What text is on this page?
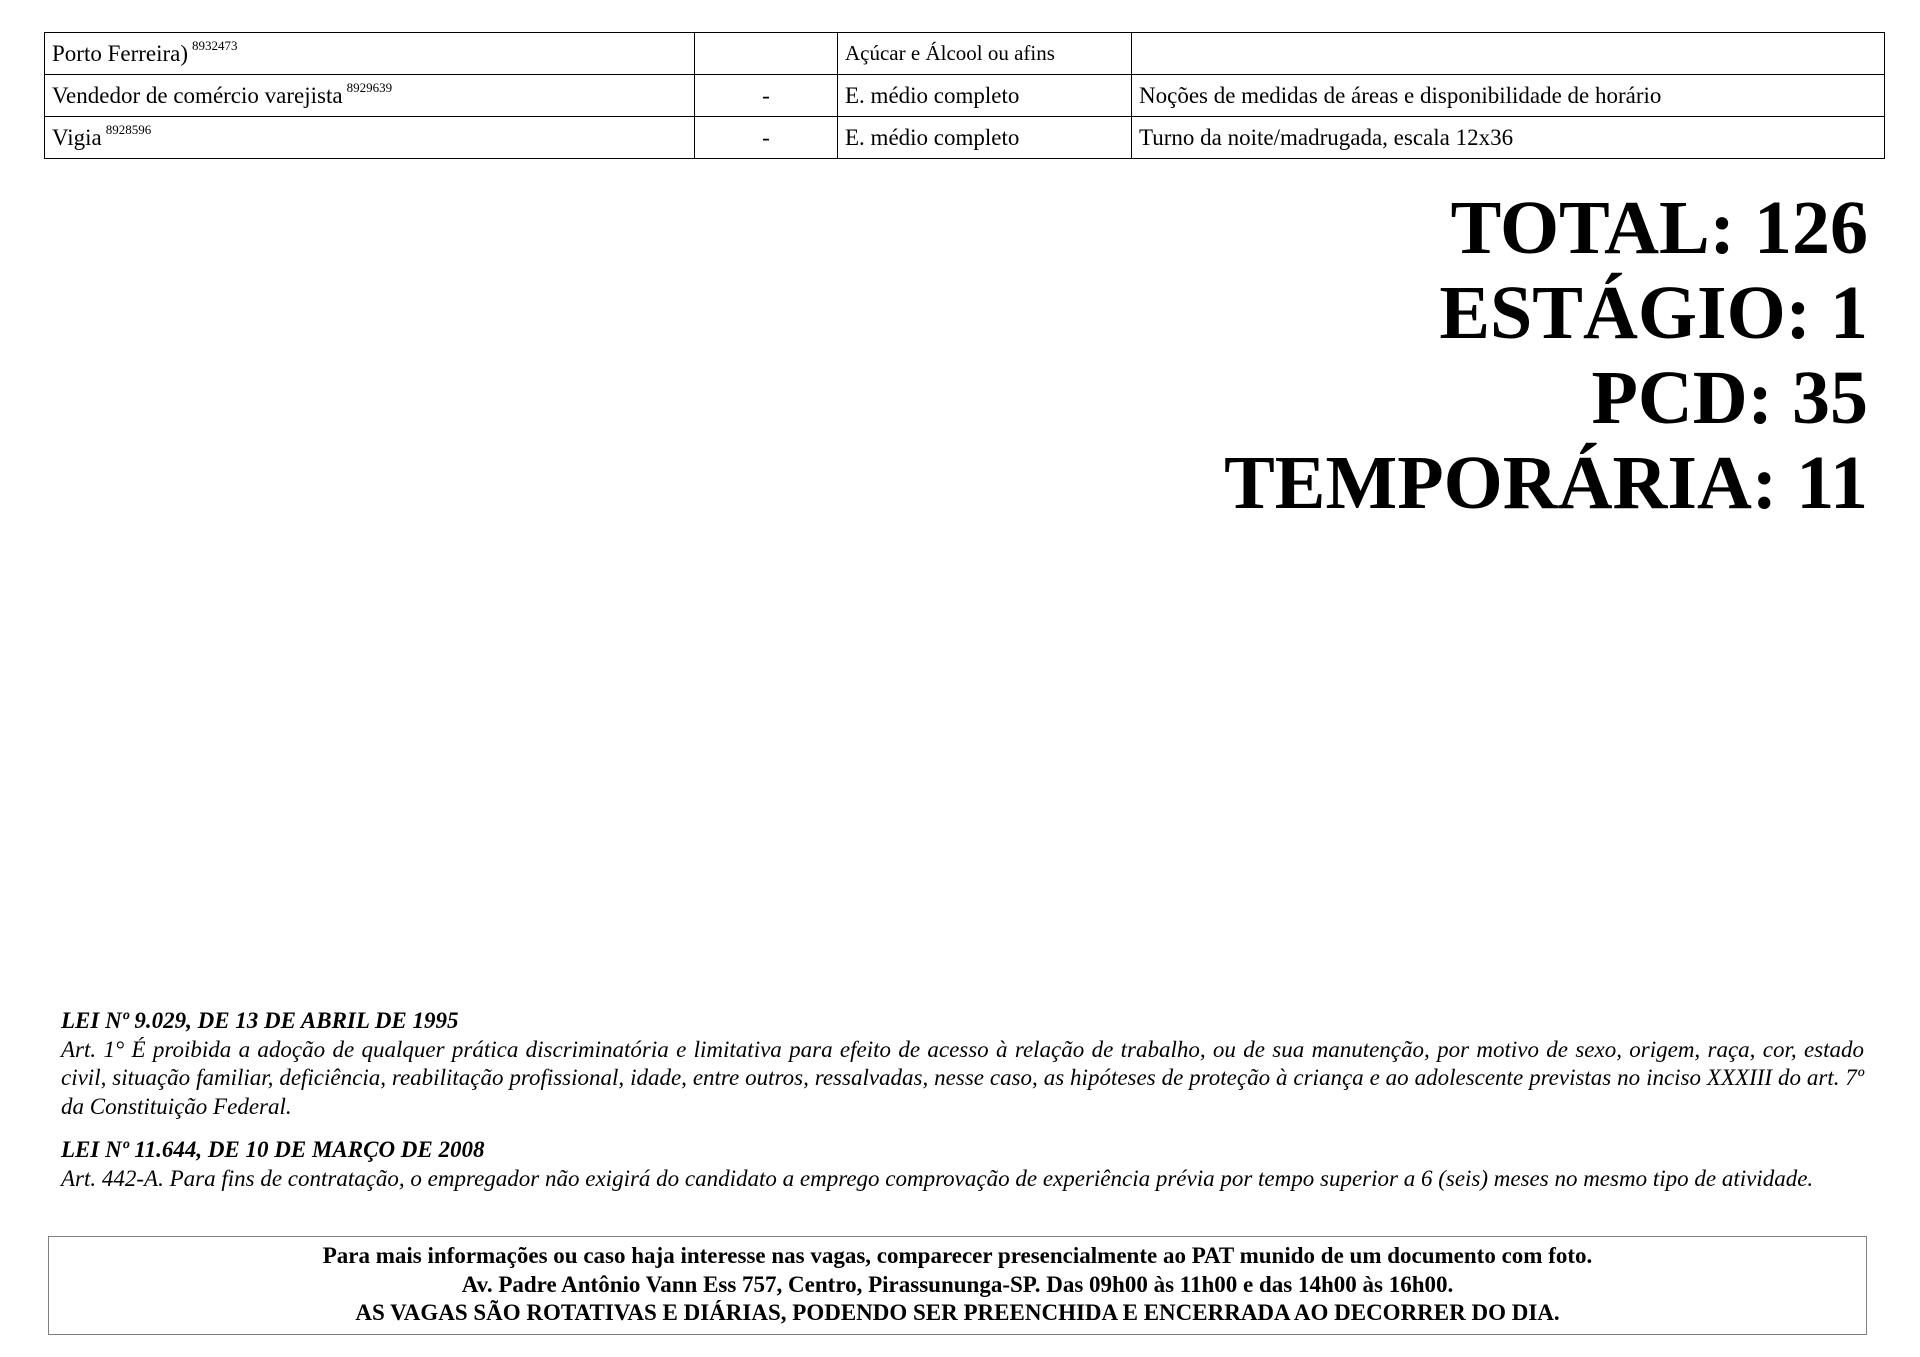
Porto Ferreira) $^{8932473}$		Açúcar e Álcool ou afins	
Vendedor de comércio varejista $^{8929639}$	-	E. médio completo	Noções de medidas de áreas e disponibilidade de horário
Vigia $^{8928596}$	-	E. médio completo	Turno da noite/madrugada, escala 12x36
TOTAL: 126
ESTÁGIO: 1
PCD: 35
TEMPORÁRIA: 11
LEI Nº 9.029, DE 13 DE ABRIL DE 1995
Art. 1° É proibida a adoção de qualquer prática discriminatória e limitativa para efeito de acesso à relação de trabalho, ou de sua manutenção, por motivo de sexo, origem, raça, cor, estado civil, situação familiar, deficiência, reabilitação profissional, idade, entre outros, ressalvadas, nesse caso, as hipóteses de proteção à criança e ao adolescente previstas no inciso XXXIII do art. 7º da Constituição Federal.
LEI Nº 11.644, DE 10 DE MARÇO DE 2008
Art. 442-A. Para fins de contratação, o empregador não exigirá do candidato a emprego comprovação de experiência prévia por tempo superior a 6 (seis) meses no mesmo tipo de atividade.
Para mais informações ou caso haja interesse nas vagas, comparecer presencialmente ao PAT munido de um documento com foto.
Av. Padre Antônio Vann Ess 757, Centro, Pirassununga-SP. Das 09h00 às 11h00 e das 14h00 às 16h00.
AS VAGAS SÃO ROTATIVAS E DIÁRIAS, PODENDO SER PREENCHIDA E ENCERRADA AO DECORRER DO DIA.
